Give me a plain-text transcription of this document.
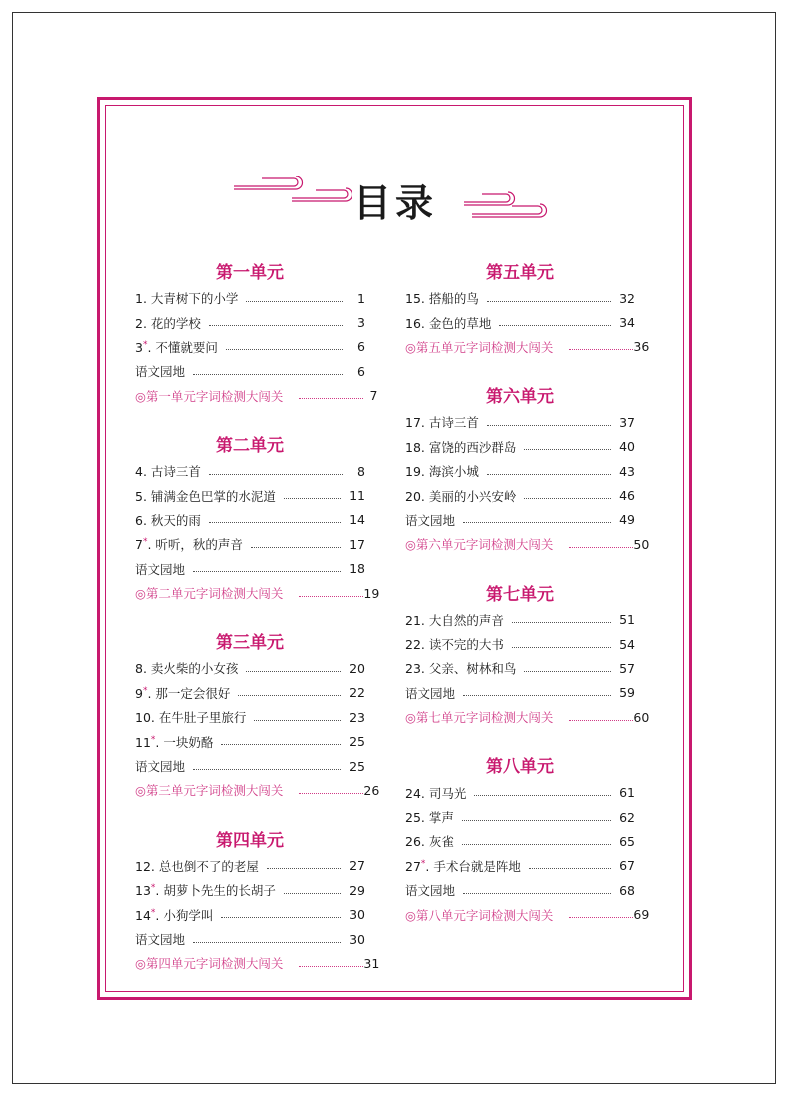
目录
第一单元
1. 大青树下的小学	1
2. 花的学校	3
3*. 不懂就要问	6
语文园地	6
◎第一单元字词检测大闯关	7
第二单元
4. 古诗三首	8
5. 铺满金色巴掌的水泥道	11
6. 秋天的雨	14
7*. 听听，秋的声音	17
语文园地	18
◎第二单元字词检测大闯关	19
第三单元
8. 卖火柴的小女孩	20
9*. 那一定会很好	22
10. 在牛肚子里旅行	23
11*. 一块奶酪	25
语文园地	25
◎第三单元字词检测大闯关	26
第四单元
12. 总也倒不了的老屋	27
13*. 胡萝卜先生的长胡子	29
14*. 小狗学叫	30
语文园地	30
◎第四单元字词检测大闯关	31
第五单元
15. 搭船的鸟	32
16. 金色的草地	34
◎第五单元字词检测大闯关	36
第六单元
17. 古诗三首	37
18. 富饶的西沙群岛	40
19. 海滨小城	43
20. 美丽的小兴安岭	46
语文园地	49
◎第六单元字词检测大闯关	50
第七单元
21. 大自然的声音	51
22. 读不完的大书	54
23. 父亲、树林和鸟	57
语文园地	59
◎第七单元字词检测大闯关	60
第八单元
24. 司马光	61
25. 掌声	62
26. 灰雀	65
27*. 手术台就是阵地	67
语文园地	68
◎第八单元字词检测大闯关	69
